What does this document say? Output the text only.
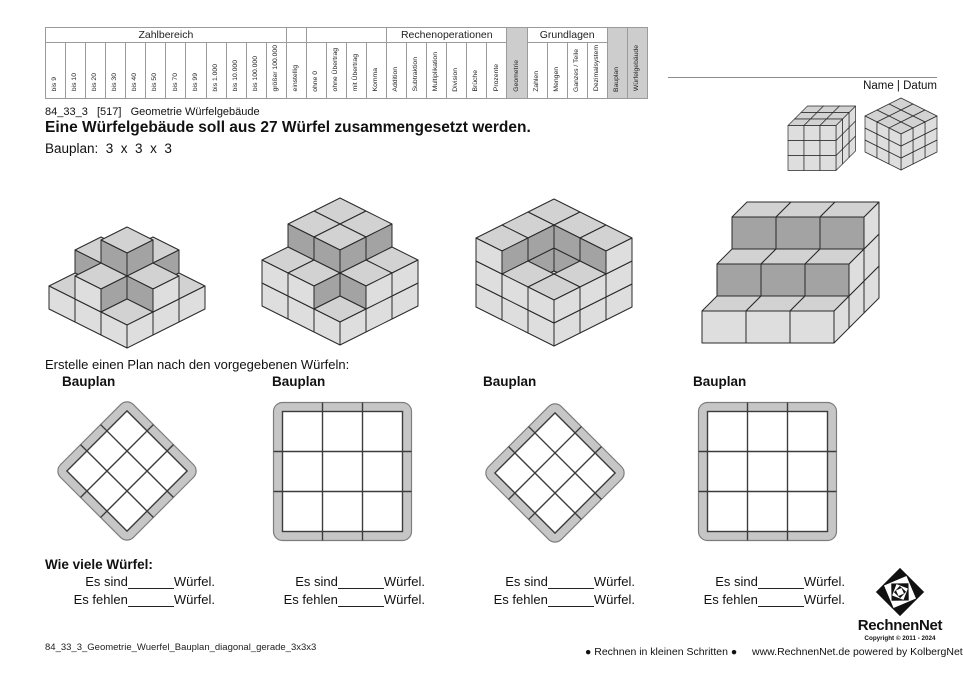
Zahlbereich																	Rechenoperationen						Geometrie	Grundlagen				Bauplan	Würfelgebäude
bis 9	bis 10	bis 20	bis 30	bis 40	bis 50	bis 70	bis 99	bis 1.000	bis 10.000	bis 100.000	größer 100.000	einstellig	ohne 0	ohne Übertrag	mit Übertrag	Komma	Addition	Subtraktion	Multiplikation	Division	Brüche	Prozente		Zahlen	Mengen	Ganzes / Teile	Dezimalsystem			Name | Datum
84_33_3   [517]   Geometrie Würfelgebäude
Eine Würfelgebäude soll aus 27 Würfel zusammengesetzt werden.
Bauplan:  3  x  3  x  3
Erstelle einen Plan nach den vorgegebenen Würfeln:
Bauplan	Bauplan	Bauplan	Bauplan
Wie viele Würfel:
Es sind	Würfel.
Es fehlen	Würfel.
Es sind	Würfel.
Es fehlen	Würfel.
Es sind	Würfel.
Es fehlen	Würfel.
Es sind	Würfel.
Es fehlen	Würfel.
84_33_3_Geometrie_Wuerfel_Bauplan_diagonal_gerade_3x3x3	● Rechnen in kleinen Schritten ● www.RechnenNet.de powered by KolbergNet
RechnenNet
Copyright © 2011 - 2024
